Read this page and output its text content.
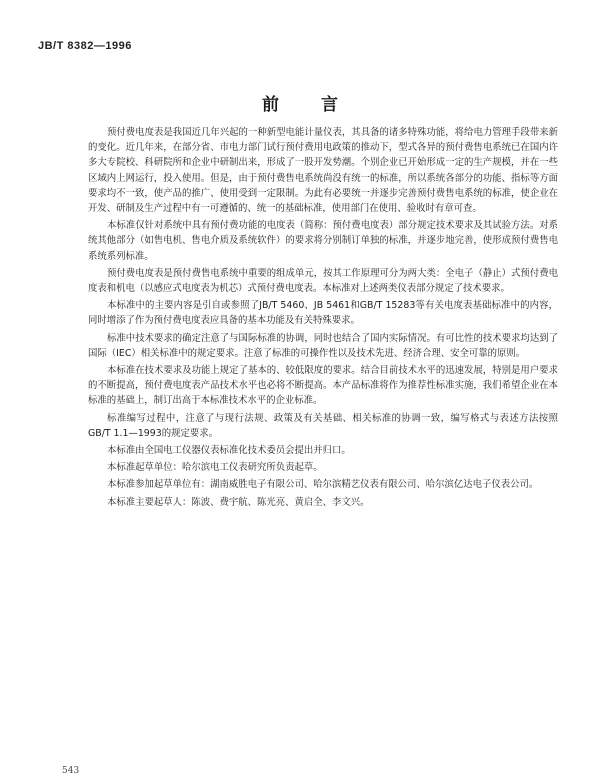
JB/T 8382—1996
前言

预付费电度表是我国近几年兴起的一种新型电能计量仪表，其具备的诸多特殊功能，将给电力管理手段带来新的变化。近几年来，在部分省、市电力部门试行预付费用电政策的推动下，型式各异的预付费售电系统已在国内许多大专院校、科研院所和企业中研制出来，形成了一股开发势潮。个别企业已开始形成一定的生产规模，并在一些区域内上网运行，投入使用。但是，由于预付费售电系统尚没有统一的标准，所以系统各部分的功能、指标等方面要求均不一致，使产品的推广、使用受到一定限制。为此有必要统一并逐步完善预付费售电系统的标准，使企业在开发、研制及生产过程中有一可遵循的、统一的基础标准，使用部门在使用、验收时有章可查。

本标准仅针对系统中具有预付费功能的电度表（简称：预付费电度表）部分规定技术要求及其试验方法。对系统其他部分（如售电机、售电介质及系统软件）的要求将分别制订单独的标准，并逐步地完善，使形成预付费售电系统系列标准。

预付费电度表是预付费售电系统中重要的组成单元，按其工作原理可分为两大类：全电子（静止）式预付费电度表和机电（以感应式电度表为机芯）式预付费电度表。本标准对上述两类仪表部分规定了技术要求。

本标准中的主要内容是引自或参照了JB/T 5460、JB 5461和GB/T 15283等有关电度表基础标准中的内容，同时增添了作为预付费电度表应具备的基本功能及有关特殊要求。

标准中技术要求的确定注意了与国际标准的协调，同时也结合了国内实际情况。有可比性的技术要求均达到了国际（IEC）相关标准中的规定要求。注意了标准的可操作性以及技术先进、经济合理、安全可靠的原则。

本标准在技术要求及功能上规定了基本的、较低限度的要求。结合目前技术水平的迅速发展，特别是用户要求的不断提高，预付费电度表产品技术水平也必将不断提高。本产品标准将作为推荐性标准实施，我们希望企业在本标准的基础上，制订出高于本标准技术水平的企业标准。

标准编写过程中，注意了与现行法规、政策及有关基础、相关标准的协调一致，编写格式与表述方法按照GB/T 1.1—1993的规定要求。

本标准由全国电工仪器仪表标准化技术委员会提出并归口。

本标准起草单位：哈尔滨电工仪表研究所负责起草。

本标准参加起草单位有：湖南威胜电子有限公司、哈尔滨精艺仪表有限公司、哈尔滨亿达电子仪表公司。

本标准主要起草人：陈波、费宇航、陈光亮、黄启全、李文兴。

543
